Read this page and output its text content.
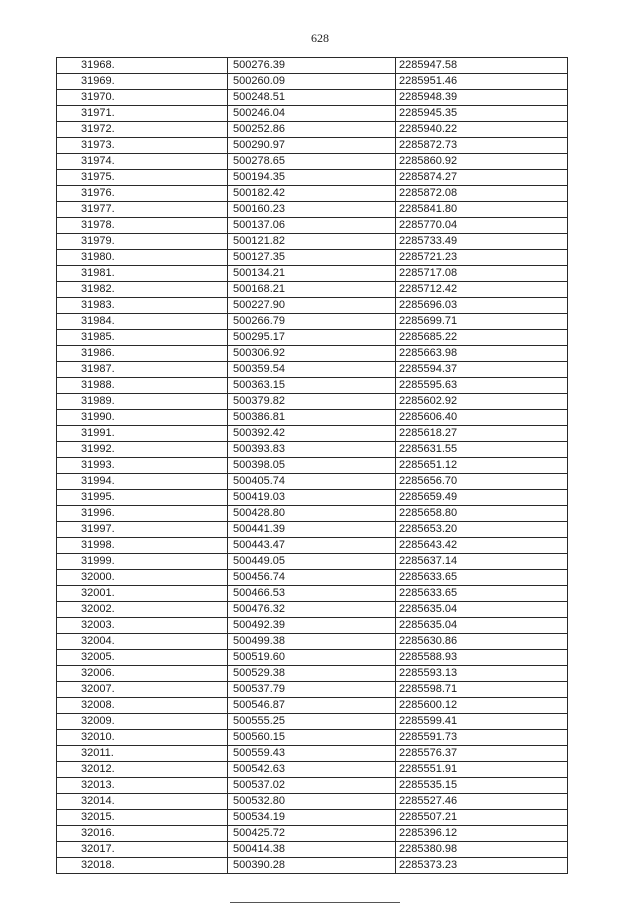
628
31968.	500276.39	2285947.58
31969.	500260.09	2285951.46
31970.	500248.51	2285948.39
31971.	500246.04	2285945.35
31972.	500252.86	2285940.22
31973.	500290.97	2285872.73
31974.	500278.65	2285860.92
31975.	500194.35	2285874.27
31976.	500182.42	2285872.08
31977.	500160.23	2285841.80
31978.	500137.06	2285770.04
31979.	500121.82	2285733.49
31980.	500127.35	2285721.23
31981.	500134.21	2285717.08
31982.	500168.21	2285712.42
31983.	500227.90	2285696.03
31984.	500266.79	2285699.71
31985.	500295.17	2285685.22
31986.	500306.92	2285663.98
31987.	500359.54	2285594.37
31988.	500363.15	2285595.63
31989.	500379.82	2285602.92
31990.	500386.81	2285606.40
31991.	500392.42	2285618.27
31992.	500393.83	2285631.55
31993.	500398.05	2285651.12
31994.	500405.74	2285656.70
31995.	500419.03	2285659.49
31996.	500428.80	2285658.80
31997.	500441.39	2285653.20
31998.	500443.47	2285643.42
31999.	500449.05	2285637.14
32000.	500456.74	2285633.65
32001.	500466.53	2285633.65
32002.	500476.32	2285635.04
32003.	500492.39	2285635.04
32004.	500499.38	2285630.86
32005.	500519.60	2285588.93
32006.	500529.38	2285593.13
32007.	500537.79	2285598.71
32008.	500546.87	2285600.12
32009.	500555.25	2285599.41
32010.	500560.15	2285591.73
32011.	500559.43	2285576.37
32012.	500542.63	2285551.91
32013.	500537.02	2285535.15
32014.	500532.80	2285527.46
32015.	500534.19	2285507.21
32016.	500425.72	2285396.12
32017.	500414.38	2285380.98
32018.	500390.28	2285373.23
